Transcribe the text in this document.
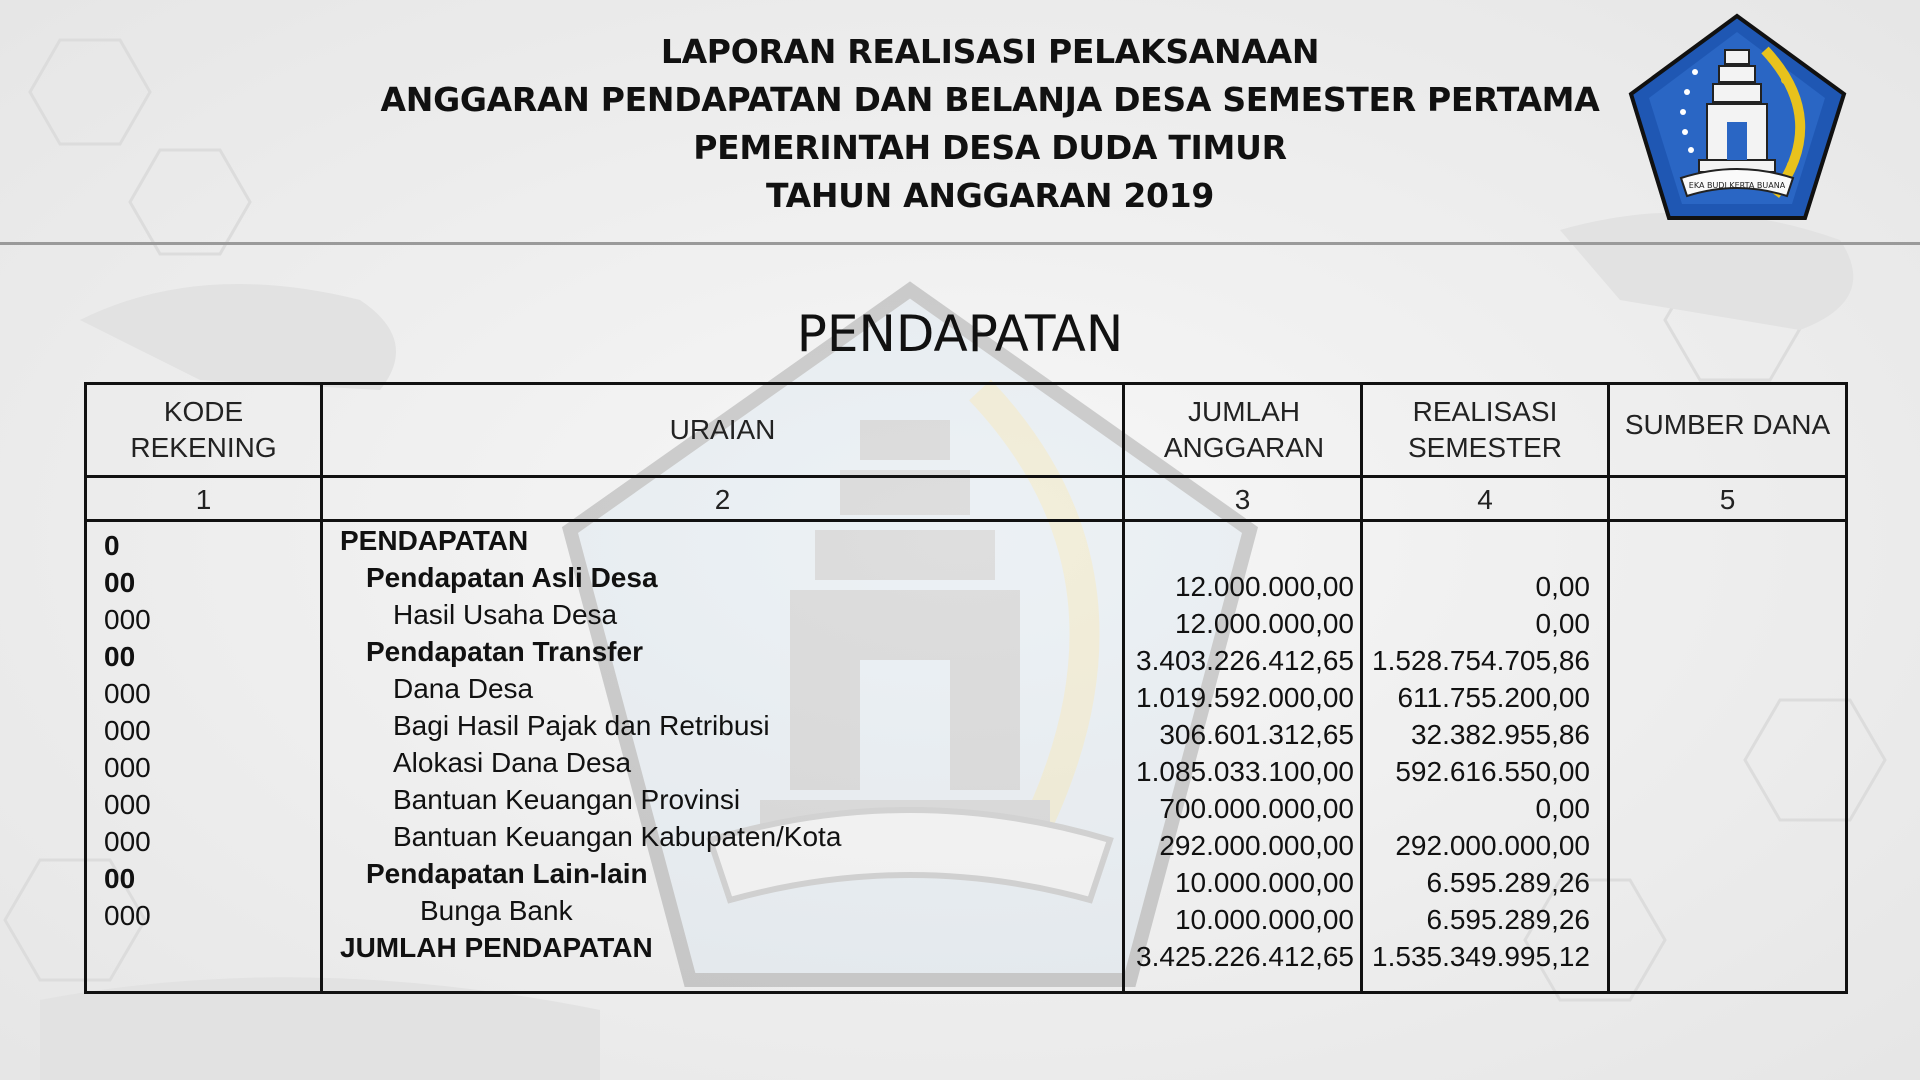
LAPORAN REALISASI PELAKSANAAN
ANGGARAN PENDAPATAN DAN BELANJA DESA SEMESTER PERTAMA
PEMERINTAH DESA DUDA TIMUR
TAHUN ANGGARAN 2019	EKA BUDI KERTA BUANA
PENDAPATAN
KODE REKENING
URAIAN
JUMLAH ANGGARAN
REALISASI SEMESTER
SUMBER DANA
1	2	3	4	5
0	PENDAPATAN
00	Pendapatan Asli Desa	12.000.000,00	0,00
000	Hasil Usaha Desa	12.000.000,00	0,00
00	Pendapatan Transfer	3.403.226.412,65 1.528.754.705,86
000	Dana Desa	1.019.592.000,00	611.755.200,00
000	Bagi Hasil Pajak dan Retribusi	306.601.312,65	32.382.955,86
000	Alokasi Dana Desa	1.085.033.100,00	592.616.550,00
000	Bantuan Keuangan Provinsi	700.000.000,00	0,00
000	Bantuan Keuangan Kabupaten/Kota	292.000.000,00	292.000.000,00
00	Pendapatan Lain-lain	10.000.000,00	6.595.289,26
000	Bunga Bank	10.000.000,00	6.595.289,26
JUMLAH PENDAPATAN	3.425.226.412,65 1.535.349.995,12
